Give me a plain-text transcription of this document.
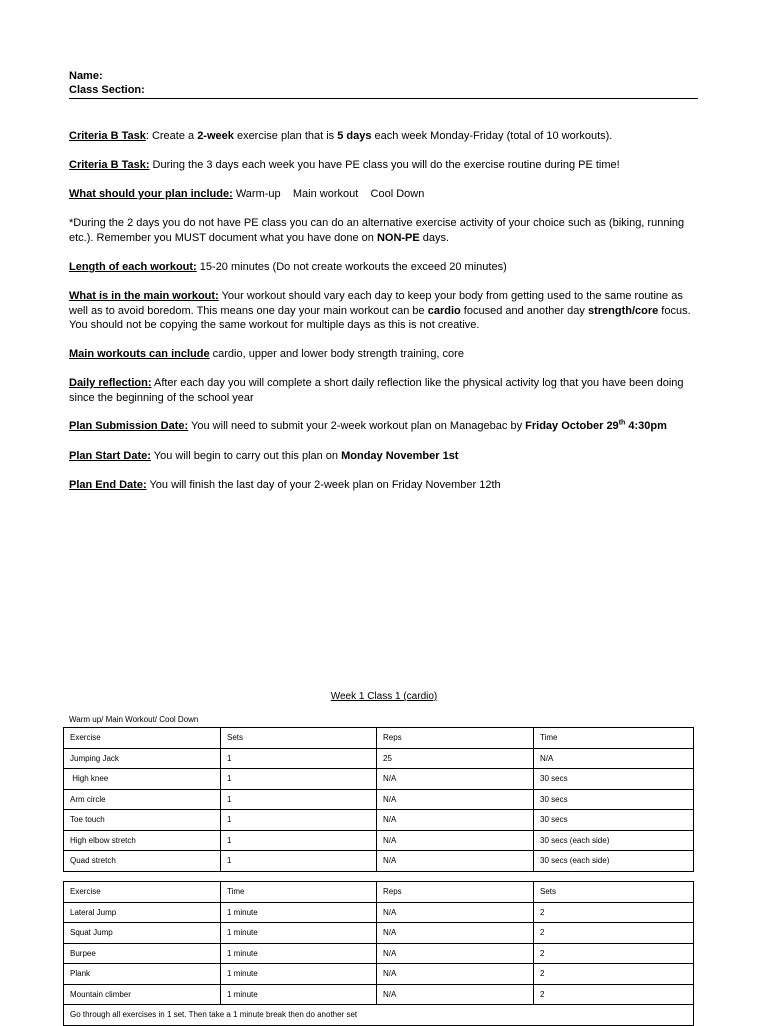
Name:
Class Section:
Criteria B Task: Create a 2-week exercise plan that is 5 days each week Monday-Friday (total of 10 workouts).
Criteria B Task: During the 3 days each week you have PE class you will do the exercise routine during PE time!
What should your plan include: Warm-up    Main workout    Cool Down
*During the 2 days you do not have PE class you can do an alternative exercise activity of your choice such as (biking, running etc.). Remember you MUST document what you have done on NON-PE days.
Length of each workout: 15-20 minutes (Do not create workouts the exceed 20 minutes)
What is in the main workout: Your workout should vary each day to keep your body from getting used to the same routine as well as to avoid boredom. This means one day your main workout can be cardio focused and another day strength/core focus. You should not be copying the same workout for multiple days as this is not creative.
Main workouts can include cardio, upper and lower body strength training, core
Daily reflection: After each day you will complete a short daily reflection like the physical activity log that you have been doing since the beginning of the school year
Plan Submission Date: You will need to submit your 2-week workout plan on Managebac by Friday October 29th 4:30pm
Plan Start Date: You will begin to carry out this plan on Monday November 1st
Plan End Date: You will finish the last day of your 2-week plan on Friday November 12th
Week 1 Class 1 (cardio)
Warm up/ Main Workout/ Cool Down
Exercise	Sets	Reps	Time
Jumping Jack	1	25	N/A
High knee	1	N/A	30 secs
Arm circle	1	N/A	30 secs
Toe touch	1	N/A	30 secs
High elbow stretch	1	N/A	30 secs (each side)
Quad stretch	1	N/A	30 secs (each side)
Exercise	Time	Reps	Sets
Lateral Jump	1 minute	N/A	2
Squat Jump	1 minute	N/A	2
Burpee	1 minute	N/A	2
Plank	1 minute	N/A	2
Mountain climber	1 minute	N/A	2
Go through all exercises in 1 set. Then take a 1 minute break then do another set			
